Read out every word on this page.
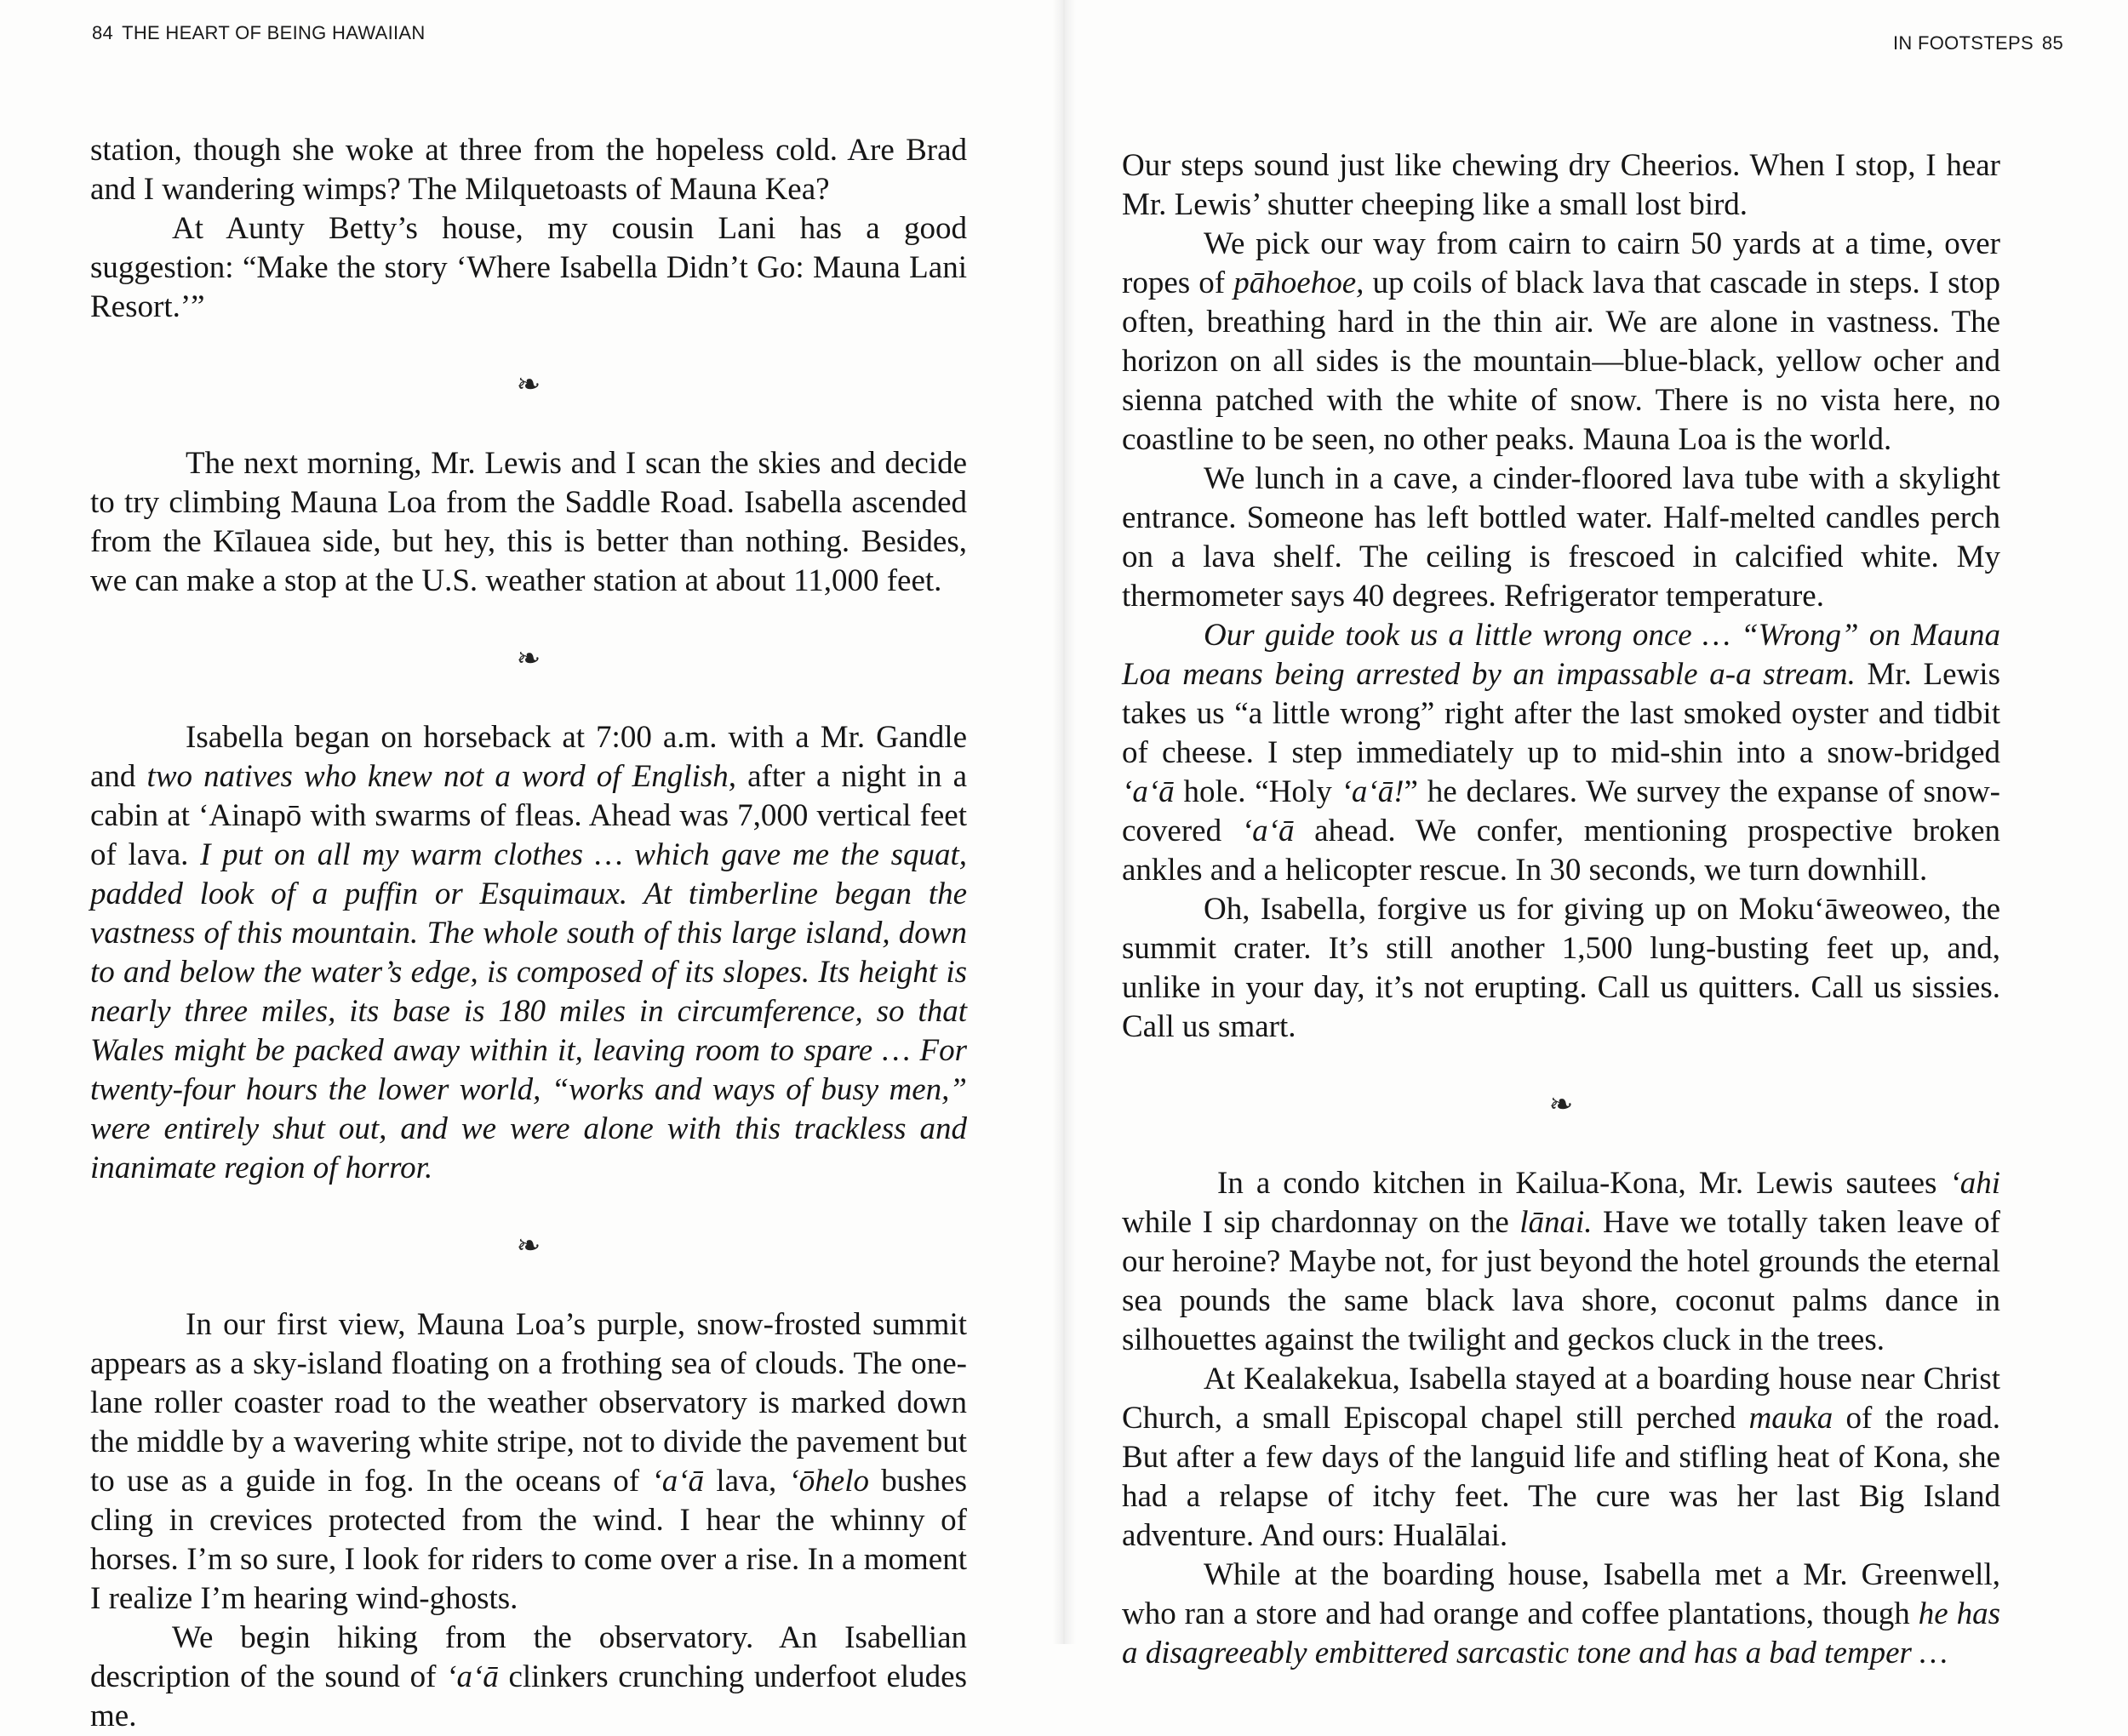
84 THE HEART OF BEING HAWAIIAN

station, though she woke at three from the hopeless cold. Are Brad and I wandering wimps? The Milquetoasts of Mauna Kea?

At Aunty Betty’s house, my cousin Lani has a good suggestion: “Make the story ‘Where Isabella Didn’t Go: Mauna Lani Resort.’”

❧

The next morning, Mr. Lewis and I scan the skies and decide to try climbing Mauna Loa from the Saddle Road. Isabella ascended from the Kīlauea side, but hey, this is better than nothing. Besides, we can make a stop at the U.S. weather station at about 11,000 feet.

❧

Isabella began on horseback at 7:00 a.m. with a Mr. Gandle and two natives who knew not a word of English, after a night in a cabin at ‘Ainapō with swarms of fleas. Ahead was 7,000 vertical feet of lava. I put on all my warm clothes … which gave me the squat, padded look of a puffin or Esquimaux. At timberline began the vastness of this mountain. The whole south of this large island, down to and below the water’s edge, is composed of its slopes. Its height is nearly three miles, its base is 180 miles in circumference, so that Wales might be packed away within it, leaving room to spare … For twenty-four hours the lower world, “works and ways of busy men,” were entirely shut out, and we were alone with this trackless and inanimate region of horror.

❧

In our first view, Mauna Loa’s purple, snow-frosted summit appears as a sky-island floating on a frothing sea of clouds. The one-lane roller coaster road to the weather observatory is marked down the middle by a wavering white stripe, not to divide the pavement but to use as a guide in fog. In the oceans of ‘a‘ā lava, ‘ōhelo bushes cling in crevices protected from the wind. I hear the whinny of horses. I’m so sure, I look for riders to come over a rise. In a moment I realize I’m hearing wind-ghosts.

We begin hiking from the observatory. An Isabellian description of the sound of ‘a‘ā clinkers crunching underfoot eludes me.

IN FOOTSTEPS 85

Our steps sound just like chewing dry Cheerios. When I stop, I hear Mr. Lewis’ shutter cheeping like a small lost bird.

We pick our way from cairn to cairn 50 yards at a time, over ropes of pāhoehoe, up coils of black lava that cascade in steps. I stop often, breathing hard in the thin air. We are alone in vastness. The horizon on all sides is the mountain—blue-black, yellow ocher and sienna patched with the white of snow. There is no vista here, no coastline to be seen, no other peaks. Mauna Loa is the world.

We lunch in a cave, a cinder-floored lava tube with a skylight entrance. Someone has left bottled water. Half-melted candles perch on a lava shelf. The ceiling is frescoed in calcified white. My thermometer says 40 degrees. Refrigerator temperature.

Our guide took us a little wrong once … “Wrong” on Mauna Loa means being arrested by an impassable a-a stream. Mr. Lewis takes us “a little wrong” right after the last smoked oyster and tidbit of cheese. I step immediately up to mid-shin into a snow-bridged ‘a‘ā hole. “Holy ‘a‘ā!” he declares. We survey the expanse of snow-covered ‘a‘ā ahead. We confer, mentioning prospective broken ankles and a helicopter rescue. In 30 seconds, we turn downhill.

Oh, Isabella, forgive us for giving up on Moku‘āweoweo, the summit crater. It’s still another 1,500 lung-busting feet up, and, unlike in your day, it’s not erupting. Call us quitters. Call us sissies. Call us smart.

❧

In a condo kitchen in Kailua-Kona, Mr. Lewis sautees ‘ahi while I sip chardonnay on the lānai. Have we totally taken leave of our heroine? Maybe not, for just beyond the hotel grounds the eternal sea pounds the same black lava shore, coconut palms dance in silhouettes against the twilight and geckos cluck in the trees.

At Kealakekua, Isabella stayed at a boarding house near Christ Church, a small Episcopal chapel still perched mauka of the road. But after a few days of the languid life and stifling heat of Kona, she had a relapse of itchy feet. The cure was her last Big Island adventure. And ours: Hualālai.

While at the boarding house, Isabella met a Mr. Greenwell, who ran a store and had orange and coffee plantations, though he has a disagreeably embittered sarcastic tone and has a bad temper …
